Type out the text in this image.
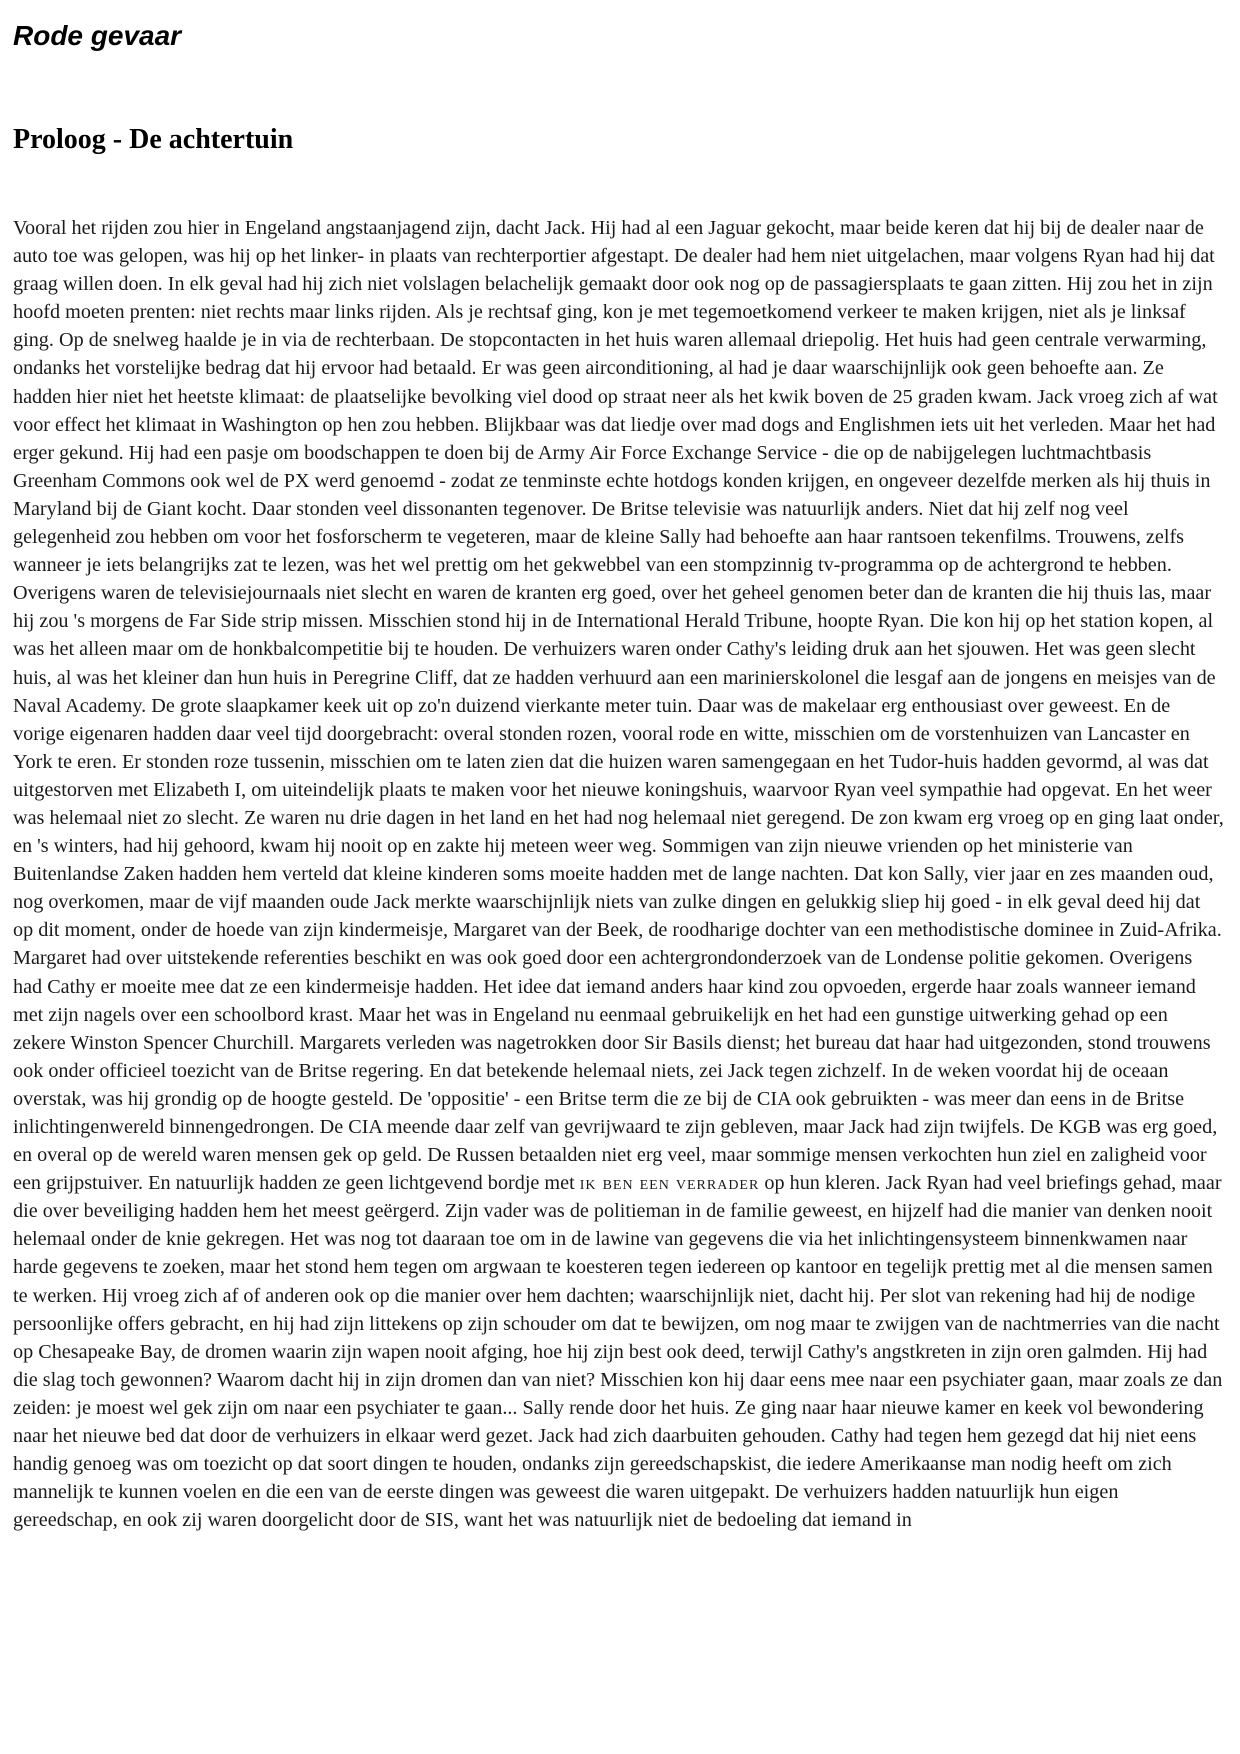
Rode gevaar
Proloog - De achtertuin

Vooral het rijden zou hier in Engeland angstaanjagend zijn, dacht Jack. Hij had al een Jaguar gekocht, maar beide keren dat hij bij de dealer naar de auto toe was gelopen, was hij op het linker- in plaats van rechterportier afgestapt. De dealer had hem niet uitgelachen, maar volgens Ryan had hij dat graag willen doen. In elk geval had hij zich niet volslagen belachelijk gemaakt door ook nog op de passagiersplaats te gaan zitten. Hij zou het in zijn hoofd moeten prenten: niet rechts maar links rijden. Als je rechtsaf ging, kon je met tegemoetkomend verkeer te maken krijgen, niet als je linksaf ging. Op de snelweg haalde je in via de rechterbaan. De stopcontacten in het huis waren allemaal driepolig. Het huis had geen centrale verwarming, ondanks het vorstelijke bedrag dat hij ervoor had betaald. Er was geen airconditioning, al had je daar waarschijnlijk ook geen behoefte aan. Ze hadden hier niet het heetste klimaat: de plaatselijke bevolking viel dood op straat neer als het kwik boven de 25 graden kwam. Jack vroeg zich af wat voor effect het klimaat in Washington op hen zou hebben. Blijkbaar was dat liedje over mad dogs and Englishmen iets uit het verleden. Maar het had erger gekund. Hij had een pasje om boodschappen te doen bij de Army Air Force Exchange Service - die op de nabijgelegen luchtmachtbasis Greenham Commons ook wel de PX werd genoemd - zodat ze tenminste echte hotdogs konden krijgen, en ongeveer dezelfde merken als hij thuis in Maryland bij de Giant kocht. Daar stonden veel dissonanten tegenover. De Britse televisie was natuurlijk anders. Niet dat hij zelf nog veel gelegenheid zou hebben om voor het fosforscherm te vegeteren, maar de kleine Sally had behoefte aan haar rantsoen tekenfilms. Trouwens, zelfs wanneer je iets belangrijks zat te lezen, was het wel prettig om het gekwebbel van een stompzinnig tv-programma op de achtergrond te hebben. Overigens waren de televisiejournaals niet slecht en waren de kranten erg goed, over het geheel genomen beter dan de kranten die hij thuis las, maar hij zou 's morgens de Far Side strip missen. Misschien stond hij in de International Herald Tribune, hoopte Ryan. Die kon hij op het station kopen, al was het alleen maar om de honkbalcompetitie bij te houden. De verhuizers waren onder Cathy's leiding druk aan het sjouwen. Het was geen slecht huis, al was het kleiner dan hun huis in Peregrine Cliff, dat ze hadden verhuurd aan een marinierskolonel die lesgaf aan de jongens en meisjes van de Naval Academy. De grote slaapkamer keek uit op zo'n duizend vierkante meter tuin. Daar was de makelaar erg enthousiast over geweest. En de vorige eigenaren hadden daar veel tijd doorgebracht: overal stonden rozen, vooral rode en witte, misschien om de vorstenhuizen van Lancaster en York te eren. Er stonden roze tussenin, misschien om te laten zien dat die huizen waren samengegaan en het Tudor-huis hadden gevormd, al was dat uitgestorven met Elizabeth I, om uiteindelijk plaats te maken voor het nieuwe koningshuis, waarvoor Ryan veel sympathie had opgevat. En het weer was helemaal niet zo slecht. Ze waren nu drie dagen in het land en het had nog helemaal niet geregend. De zon kwam erg vroeg op en ging laat onder, en 's winters, had hij gehoord, kwam hij nooit op en zakte hij meteen weer weg. Sommigen van zijn nieuwe vrienden op het ministerie van Buitenlandse Zaken hadden hem verteld dat kleine kinderen soms moeite hadden met de lange nachten. Dat kon Sally, vier jaar en zes maanden oud, nog overkomen, maar de vijf maanden oude Jack merkte waarschijnlijk niets van zulke dingen en gelukkig sliep hij goed - in elk geval deed hij dat op dit moment, onder de hoede van zijn kindermeisje, Margaret van der Beek, de roodharige dochter van een methodistische dominee in Zuid-Afrika. Margaret had over uitstekende referenties beschikt en was ook goed door een achtergrondonderzoek van de Londense politie gekomen. Overigens had Cathy er moeite mee dat ze een kindermeisje hadden. Het idee dat iemand anders haar kind zou opvoeden, ergerde haar zoals wanneer iemand met zijn nagels over een schoolbord krast. Maar het was in Engeland nu eenmaal gebruikelijk en het had een gunstige uitwerking gehad op een zekere Winston Spencer Churchill. Margarets verleden was nagetrokken door Sir Basils dienst; het bureau dat haar had uitgezonden, stond trouwens ook onder officieel toezicht van de Britse regering. En dat betekende helemaal niets, zei Jack tegen zichzelf. In de weken voordat hij de oceaan overstak, was hij grondig op de hoogte gesteld. De 'oppositie' - een Britse term die ze bij de CIA ook gebruikten - was meer dan eens in de Britse inlichtingenwereld binnengedrongen. De CIA meende daar zelf van gevrijwaard te zijn gebleven, maar Jack had zijn twijfels. De KGB was erg goed, en overal op de wereld waren mensen gek op geld. De Russen betaalden niet erg veel, maar sommige mensen verkochten hun ziel en zaligheid voor een grijpstuiver. En natuurlijk hadden ze geen lichtgevend bordje met ik ben een verrader op hun kleren. Jack Ryan had veel briefings gehad, maar die over beveiliging hadden hem het meest geërgerd. Zijn vader was de politieman in de familie geweest, en hijzelf had die manier van denken nooit helemaal onder de knie gekregen. Het was nog tot daaraan toe om in de lawine van gegevens die via het inlichtingensysteem binnenkwamen naar harde gegevens te zoeken, maar het stond hem tegen om argwaan te koesteren tegen iedereen op kantoor en tegelijk prettig met al die mensen samen te werken. Hij vroeg zich af of anderen ook op die manier over hem dachten; waarschijnlijk niet, dacht hij. Per slot van rekening had hij de nodige persoonlijke offers gebracht, en hij had zijn littekens op zijn schouder om dat te bewijzen, om nog maar te zwijgen van de nachtmerries van die nacht op Chesapeake Bay, de dromen waarin zijn wapen nooit afging, hoe hij zijn best ook deed, terwijl Cathy's angstkreten in zijn oren galmden. Hij had die slag toch gewonnen? Waarom dacht hij in zijn dromen dan van niet? Misschien kon hij daar eens mee naar een psychiater gaan, maar zoals ze dan zeiden: je moest wel gek zijn om naar een psychiater te gaan... Sally rende door het huis. Ze ging naar haar nieuwe kamer en keek vol bewondering naar het nieuwe bed dat door de verhuizers in elkaar werd gezet. Jack had zich daarbuiten gehouden. Cathy had tegen hem gezegd dat hij niet eens handig genoeg was om toezicht op dat soort dingen te houden, ondanks zijn gereedschapskist, die iedere Amerikaanse man nodig heeft om zich mannelijk te kunnen voelen en die een van de eerste dingen was geweest die waren uitgepakt. De verhuizers hadden natuurlijk hun eigen gereedschap, en ook zij waren doorgelicht door de SIS, want het was natuurlijk niet de bedoeling dat iemand in
